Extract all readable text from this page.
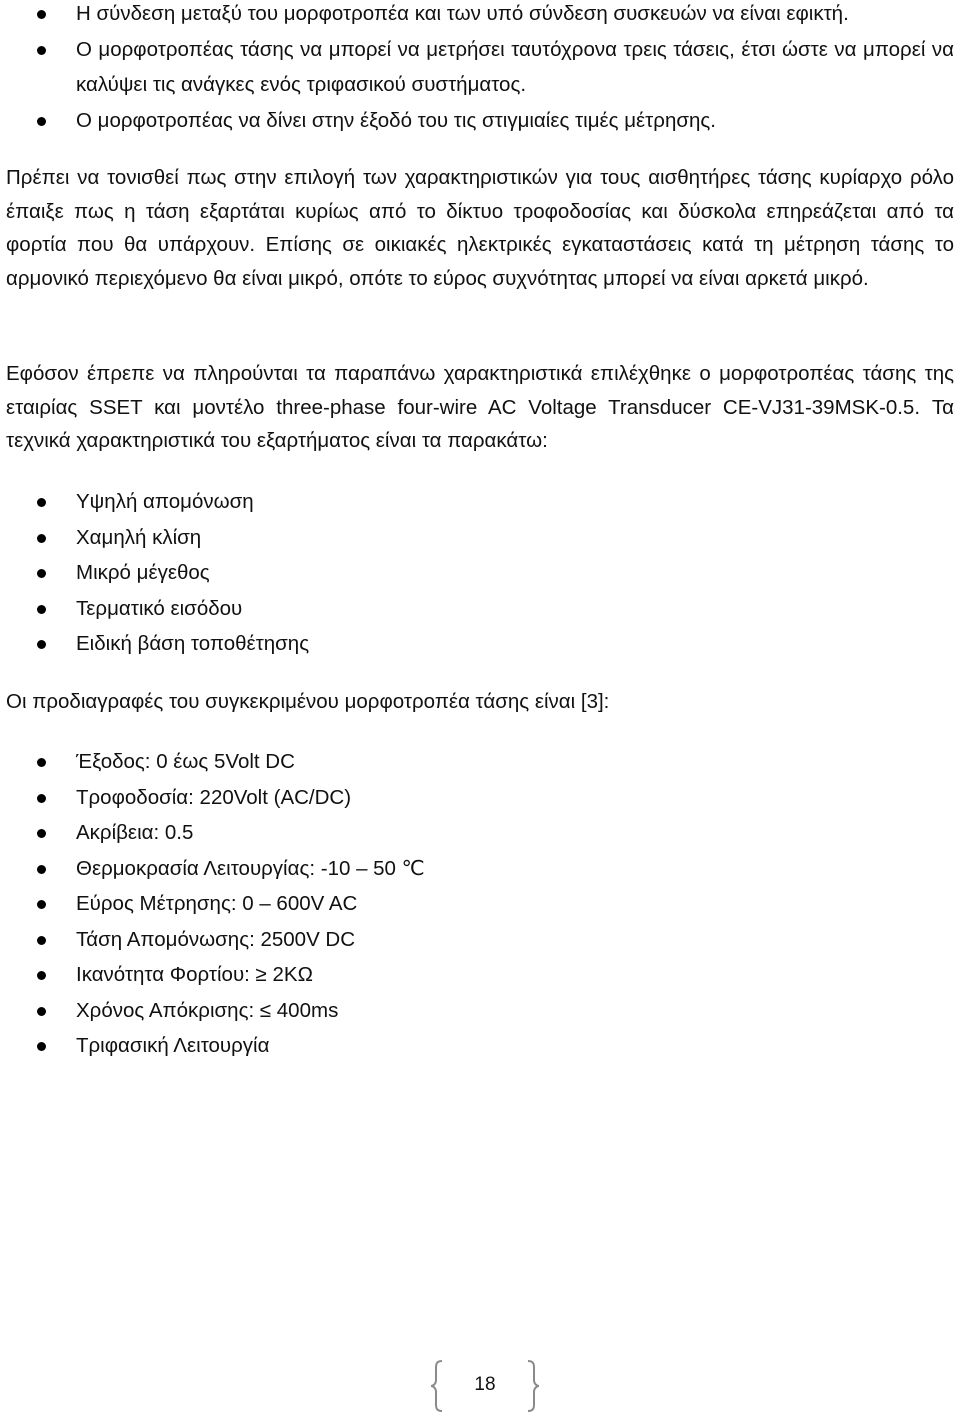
Η σύνδεση μεταξύ του μορφοτροπέα και των υπό σύνδεση συσκευών να είναι εφικτή.
Ο μορφοτροπέας τάσης να μπορεί να μετρήσει ταυτόχρονα τρεις τάσεις, έτσι ώστε να μπορεί να καλύψει τις ανάγκες ενός τριφασικού συστήματος.
Ο μορφοτροπέας να δίνει στην έξοδό του τις στιγμιαίες τιμές μέτρησης.

Πρέπει να τονισθεί πως στην επιλογή των χαρακτηριστικών για τους αισθητήρες τάσης κυρίαρχο ρόλο έπαιξε πως η τάση εξαρτάται κυρίως από το δίκτυο τροφοδοσίας και δύσκολα επηρεάζεται από τα φορτία που θα υπάρχουν. Επίσης σε οικιακές ηλεκτρικές εγκαταστάσεις κατά τη μέτρηση τάσης το αρμονικό περιεχόμενο θα είναι μικρό, οπότε το εύρος συχνότητας μπορεί να είναι αρκετά μικρό.

Εφόσον έπρεπε να πληρούνται τα παραπάνω χαρακτηριστικά επιλέχθηκε ο μορφοτροπέας τάσης της εταιρίας SSET και μοντέλο three-phase four-wire AC Voltage Transducer CE-VJ31-39MSK-0.5. Τα τεχνικά χαρακτηριστικά του εξαρτήματος είναι τα παρακάτω:

Υψηλή απομόνωση
Χαμηλή κλίση
Μικρό μέγεθος
Τερματικό εισόδου
Ειδική βάση τοποθέτησης

Οι προδιαγραφές του συγκεκριμένου μορφοτροπέα τάσης είναι [3]:

Έξοδος: 0 έως 5Volt DC
Τροφοδοσία: 220Volt (AC/DC)
Ακρίβεια: 0.5
Θερμοκρασία Λειτουργίας: -10 – 50 ℃
Εύρος Μέτρησης: 0 – 600V AC
Τάση Απομόνωσης: 2500V DC
Ικανότητα Φορτίου: ≥ 2ΚΩ
Χρόνος Απόκρισης: ≤ 400ms
Τριφασική Λειτουργία
18
